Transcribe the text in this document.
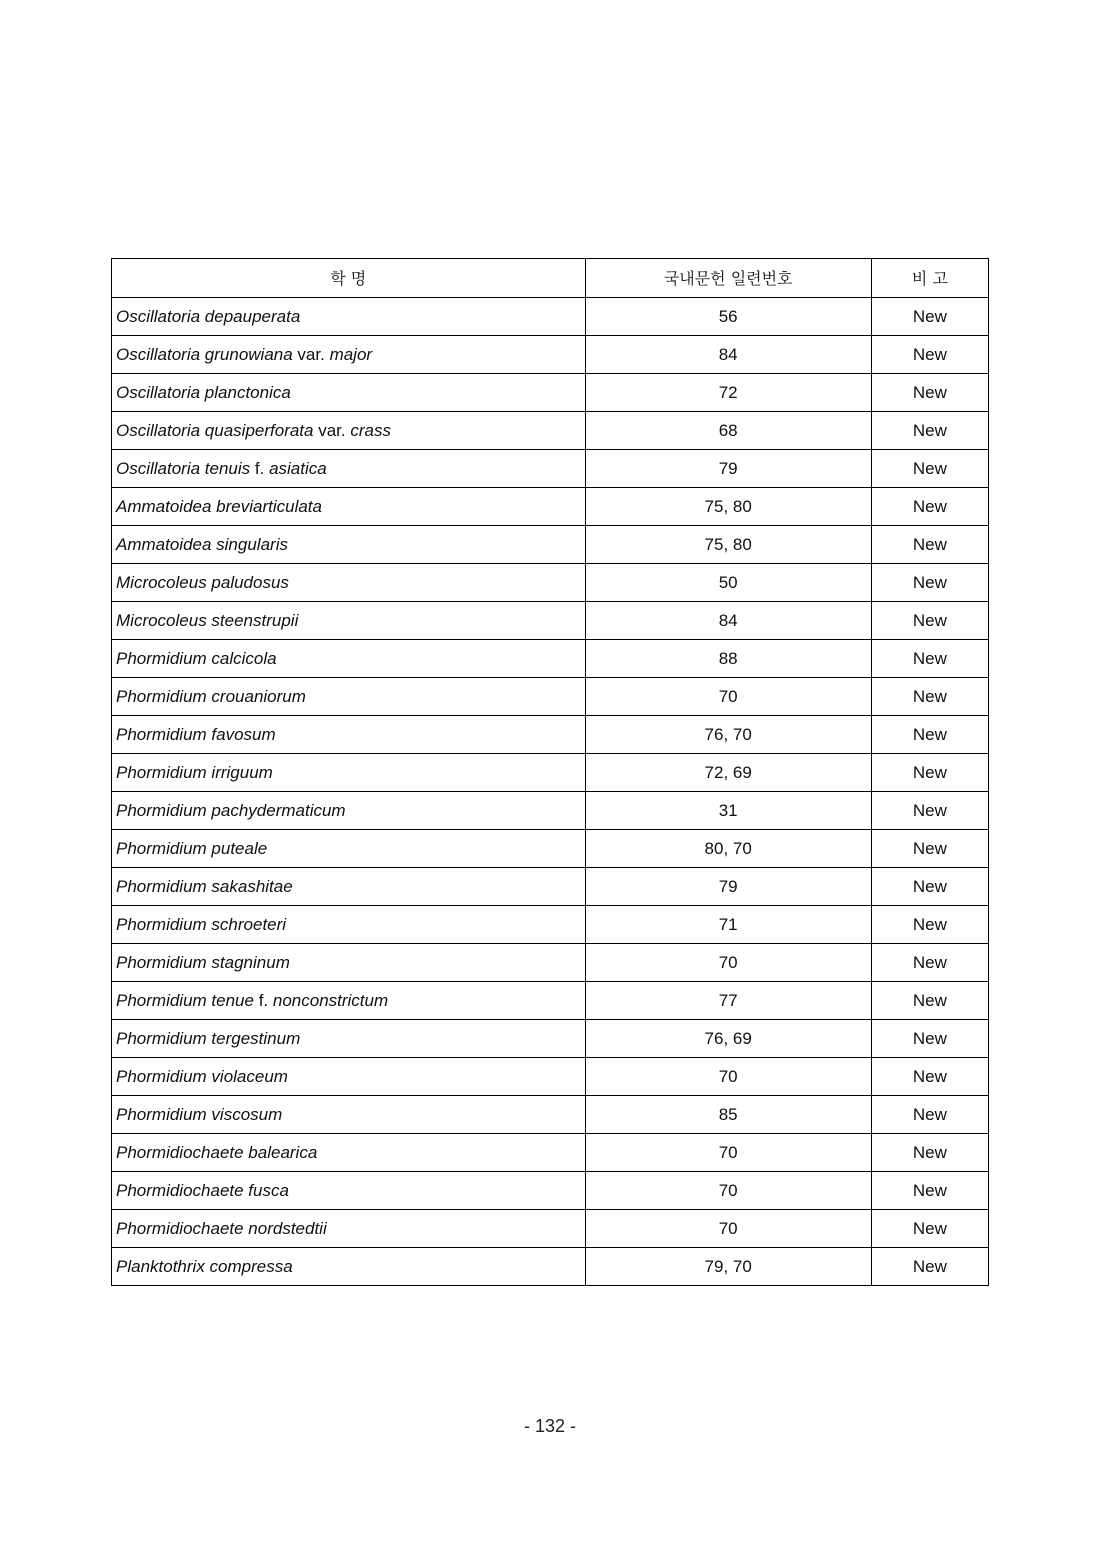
학 명	국내문헌 일련번호	비 고
Oscillatoria depauperata	56	New
Oscillatoria grunowiana var. major	84	New
Oscillatoria planctonica	72	New
Oscillatoria quasiperforata var. crass	68	New
Oscillatoria tenuis f. asiatica	79	New
Ammatoidea breviarticulata	75, 80	New
Ammatoidea singularis	75, 80	New
Microcoleus paludosus	50	New
Microcoleus steenstrupii	84	New
Phormidium calcicola	88	New
Phormidium crouaniorum	70	New
Phormidium favosum	76, 70	New
Phormidium irriguum	72, 69	New
Phormidium pachydermaticum	31	New
Phormidium puteale	80, 70	New
Phormidium sakashitae	79	New
Phormidium schroeteri	71	New
Phormidium stagninum	70	New
Phormidium tenue f. nonconstrictum	77	New
Phormidium tergestinum	76, 69	New
Phormidium violaceum	70	New
Phormidium viscosum	85	New
Phormidiochaete balearica	70	New
Phormidiochaete fusca	70	New
Phormidiochaete nordstedtii	70	New
Planktothrix compressa	79, 70	New
- 132 -
